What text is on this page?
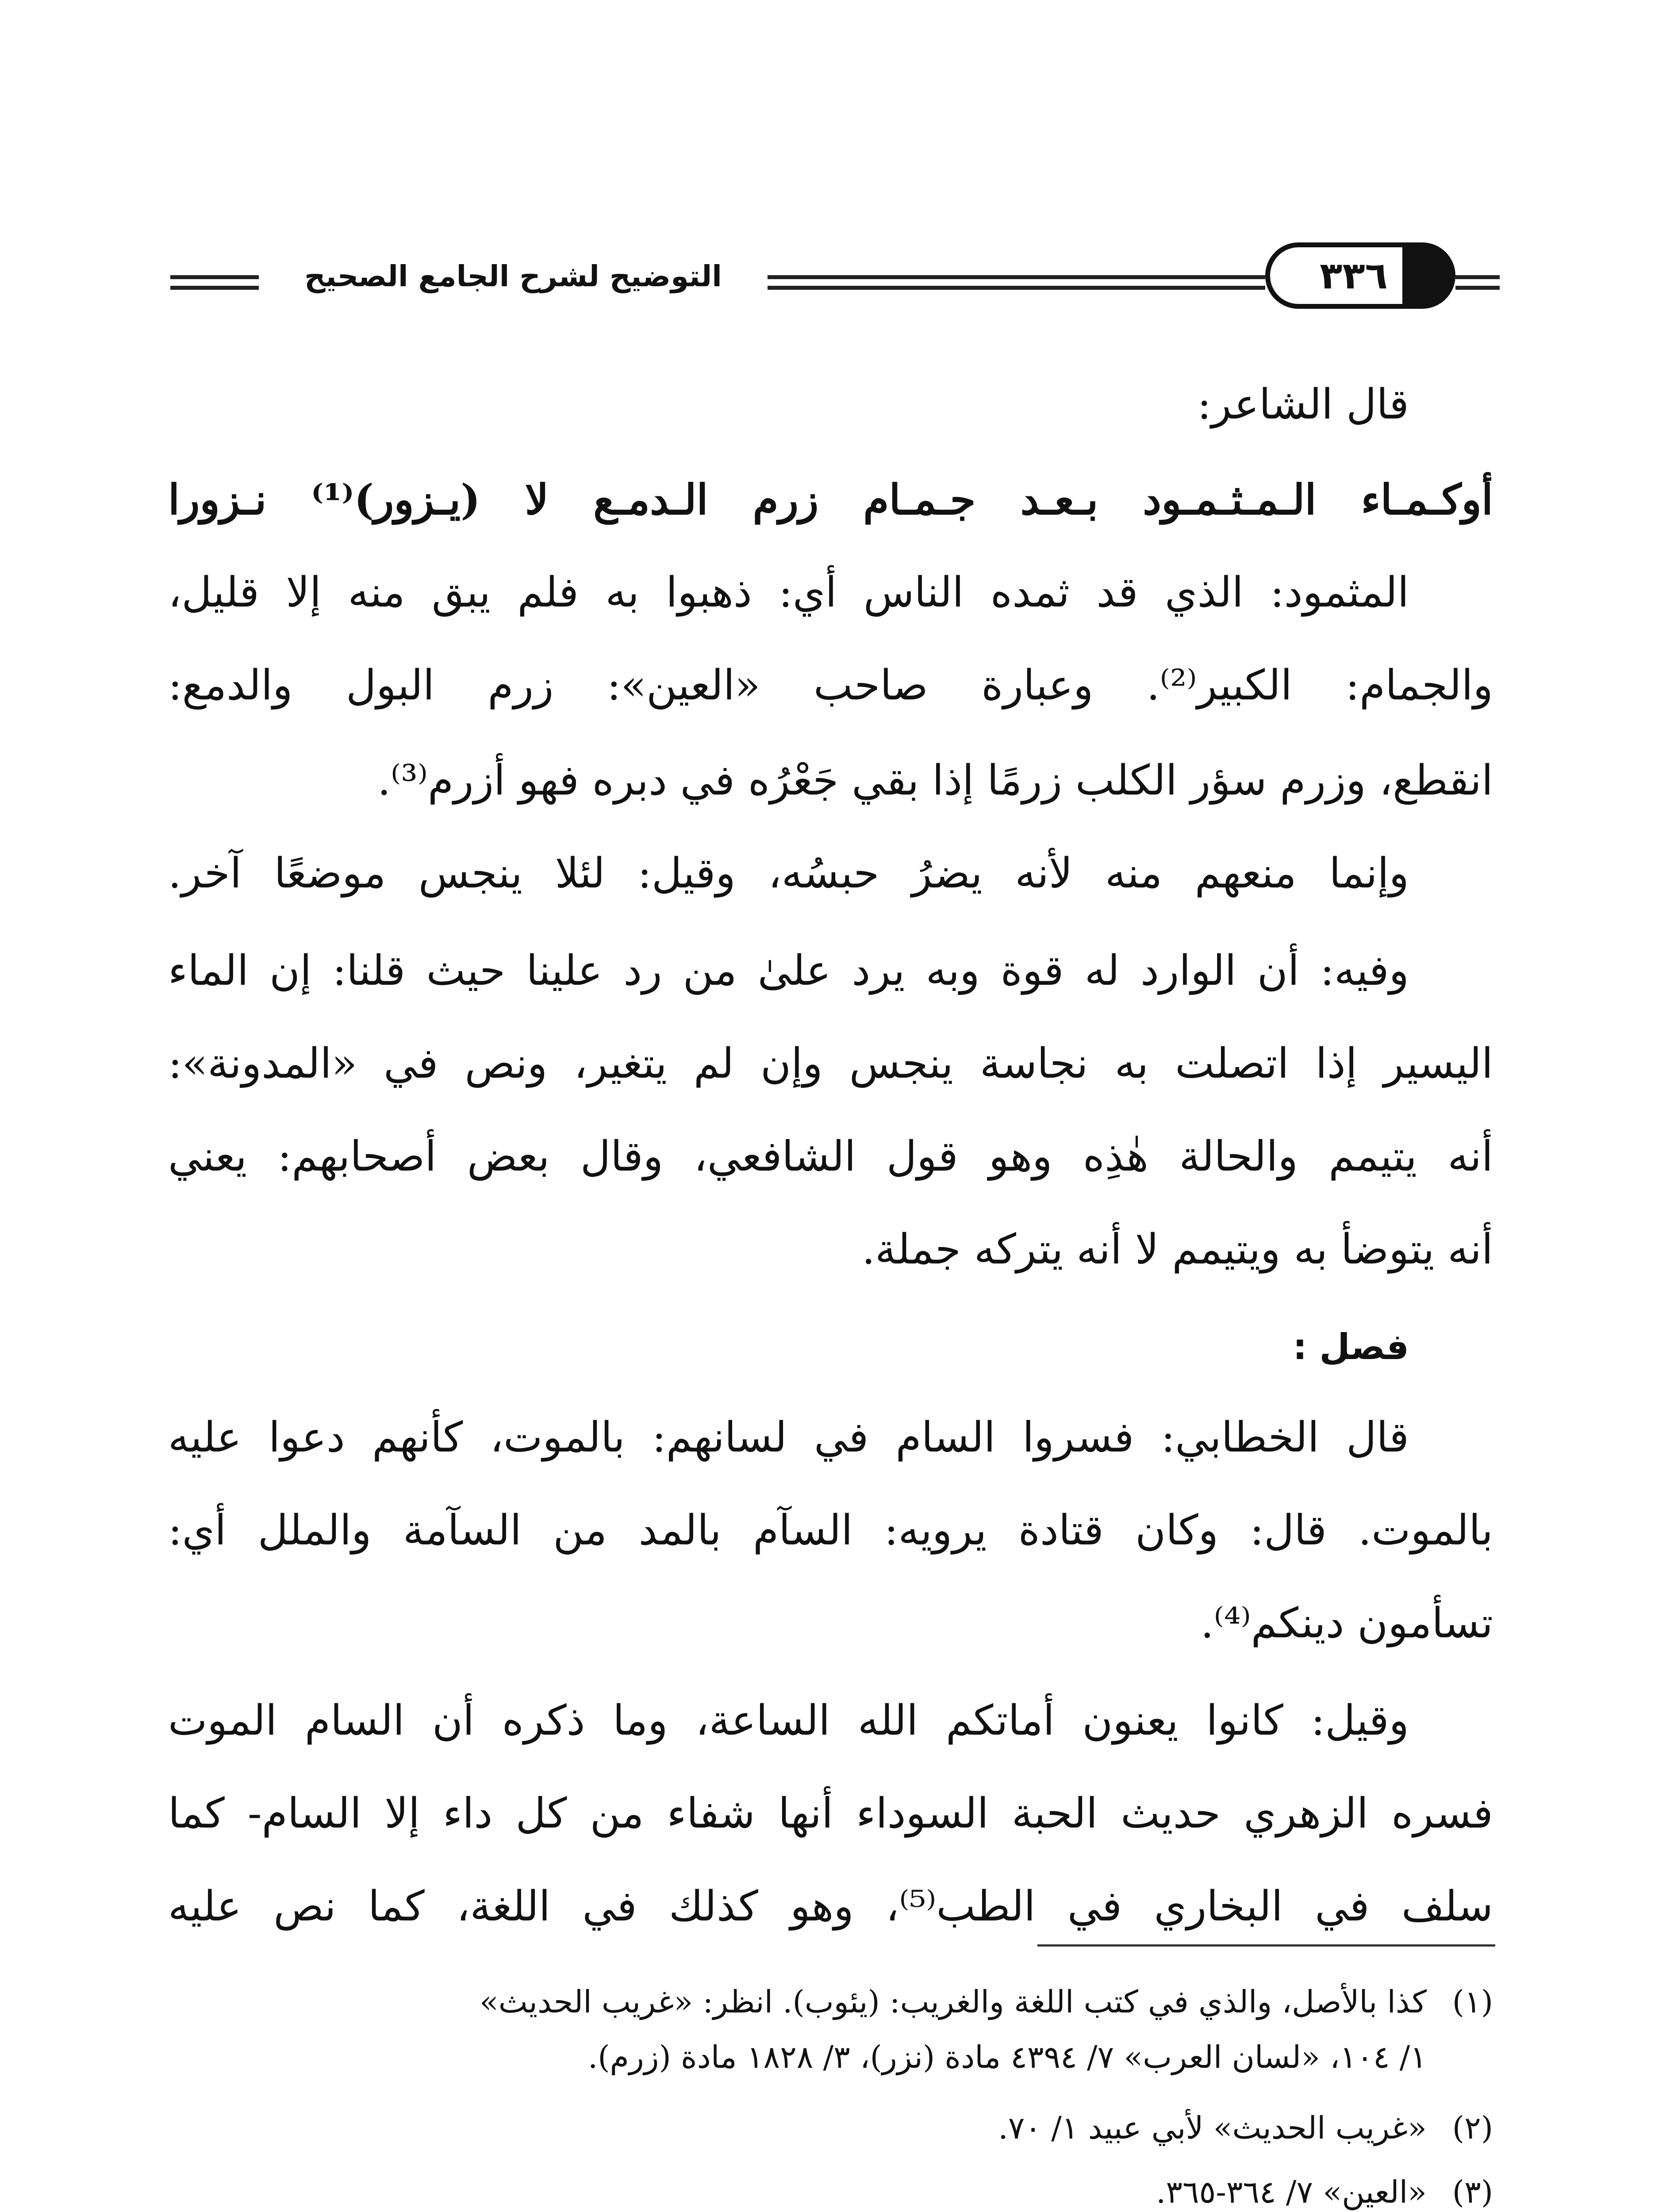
التوضيح لشرح الجامع الصحيح	٣٣٦
قال الشاعر:
أوكـمـاء الـمـثـمـود بـعـد جـمـام زرم الـدمـع لا (يـزور)⁽¹⁾ نـزورا
المثمود: الذي قد ثمده الناس أي: ذهبوا به فلم يبق منه إلا قليل،
والجمام: الكبير⁽²⁾. وعبارة صاحب «العين»: زرم البول والدمع:
انقطع، وزرم سؤر الكلب زرمًا إذا بقي جَعْرُه في دبره فهو أزرم⁽³⁾.
وإنما منعهم منه لأنه يضرُ حبسُه، وقيل: لئلا ينجس موضعًا آخر.
وفيه: أن الوارد له قوة وبه يرد علىٰ من رد علينا حيث قلنا: إن الماء
اليسير إذا اتصلت به نجاسة ينجس وإن لم يتغير، ونص في «المدونة»:
أنه يتيمم والحالة هٰذِه وهو قول الشافعي، وقال بعض أصحابهم: يعني
أنه يتوضأ به ويتيمم لا أنه يتركه جملة.
فصل :
قال الخطابي: فسروا السام في لسانهم: بالموت، كأنهم دعوا عليه
بالموت. قال: وكان قتادة يرويه: السآم بالمد من السآمة والملل أي:
تسأمون دينكم⁽⁴⁾.
وقيل: كانوا يعنون أماتكم الله الساعة، وما ذكره أن السام الموت
فسره الزهري حديث الحبة السوداء أنها شفاء من كل داء إلا السام- كما
سلف في البخاري في الطب⁽⁵⁾، وهو كذلك في اللغة، كما نص عليه
(١)
كذا بالأصل، والذي في كتب اللغة والغريب: (يئوب). انظر: «غريب الحديث»
١/ ١٠٤، «لسان العرب» ٧/ ٤٣٩٤ مادة (نزر)، ٣/ ١٨٢٨ مادة (زرم).
(٢)
«غريب الحديث» لأبي عبيد ١/ ٧٠.
(٣)
«العين» ٧/ ٣٦٤-٣٦٥.
